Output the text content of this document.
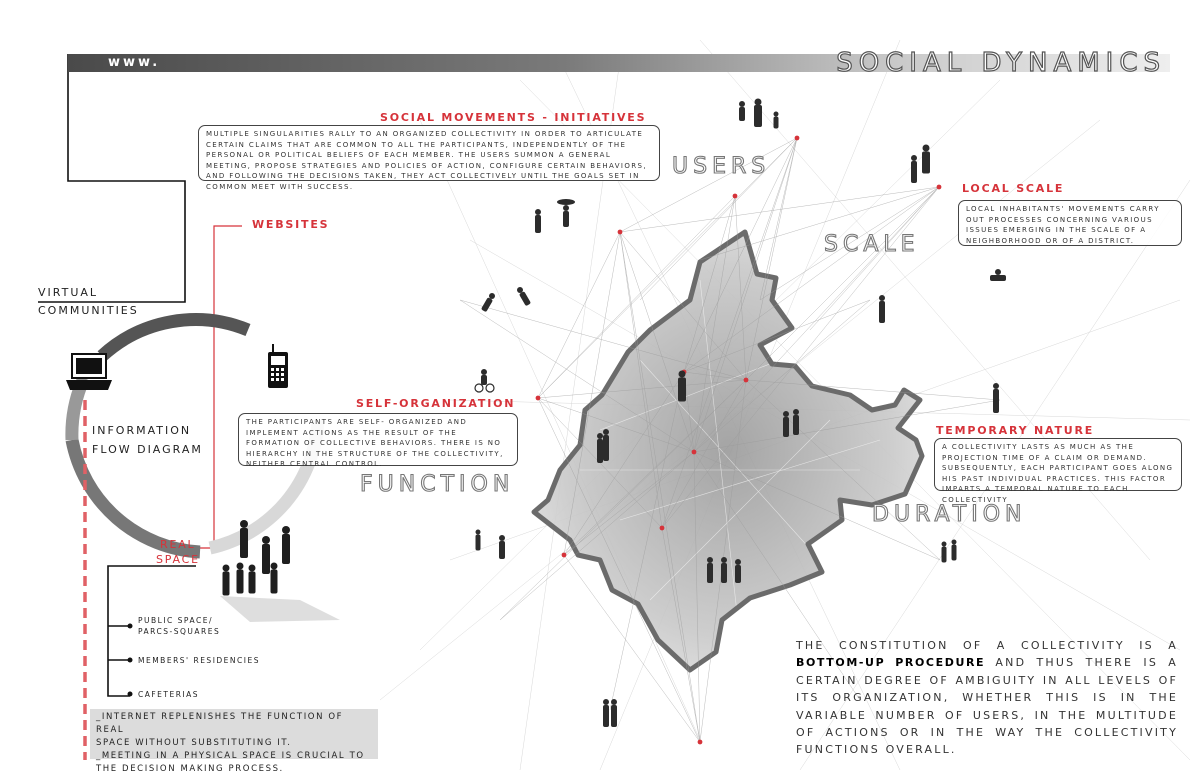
www.	SOCIAL DYNAMICS
VIRTUAL
COMMUNITIES
WEBSITES
INFORMATION
FLOW DIAGRAM
REAL
SPACE
PUBLIC SPACE/
PARCS-SQUARES
MEMBERS' RESIDENCIES
CAFETERIAS
_INTERNET REPLENISHES THE FUNCTION OF REAL
SPACE WITHOUT SUBSTITUTING IT.
_MEETING IN A PHYSICAL SPACE IS CRUCIAL TO
THE DECISION MAKING PROCESS.
SOCIAL MOVEMENTS - INITIATIVES
MULTIPLE SINGULARITIES RALLY TO AN ORGANIZED COLLECTIVITY IN ORDER TO ARTICULATE CERTAIN CLAIMS THAT ARE COMMON TO ALL THE PARTICIPANTS, INDEPENDENTLY OF THE PERSONAL OR POLITICAL BELIEFS OF EACH MEMBER. THE USERS SUMMON A GENERAL MEETING, PROPOSE STRATEGIES AND POLICIES OF ACTION, CONFIGURE CERTAIN BEHAVIORS, AND FOLLOWING THE DECISIONS TAKEN, THEY ACT COLLECTIVELY UNTIL THE GOALS SET IN COMMON MEET WITH SUCCESS.	LOCAL SCALE
LOCAL INHABITANTS' MOVEMENTS CARRY OUT PROCESSES CONCERNING VARIOUS ISSUES EMERGING IN THE SCALE OF A NEIGHBORHOOD OR OF A DISTRICT.
SELF-ORGANIZATION
THE PARTICIPANTS ARE SELF- ORGANIZED AND IMPLEMENT ACTIONS AS THE RESULT OF THE FORMATION OF COLLECTIVE BEHAVIORS. THERE IS NO HIERARCHY IN THE STRUCTURE OF THE COLLECTIVITY, NEITHER CENTRAL CONTROL.
TEMPORARY NATURE
A COLLECTIVITY LASTS AS MUCH AS THE PROJECTION TIME OF A CLAIM OR DEMAND. SUBSEQUENTLY, EACH PARTICIPANT GOES ALONG HIS PAST INDIVIDUAL PRACTICES. THIS FACTOR IMPARTS A TEMPORAL NATURE TO EACH COLLECTIVITY
USERS
SCALE
FUNCTION
DURATION
THE CONSTITUTION OF A COLLECTIVITY IS A BOTTOM-UP PROCEDURE AND THUS THERE IS A CERTAIN DEGREE OF AMBIGUITY IN ALL LEVELS OF ITS ORGANIZATION, WHETHER THIS IS IN THE VARIABLE NUMBER OF USERS, IN THE MULTITUDE OF ACTIONS OR IN THE WAY THE COLLECTIVITY FUNCTIONS OVERALL.
